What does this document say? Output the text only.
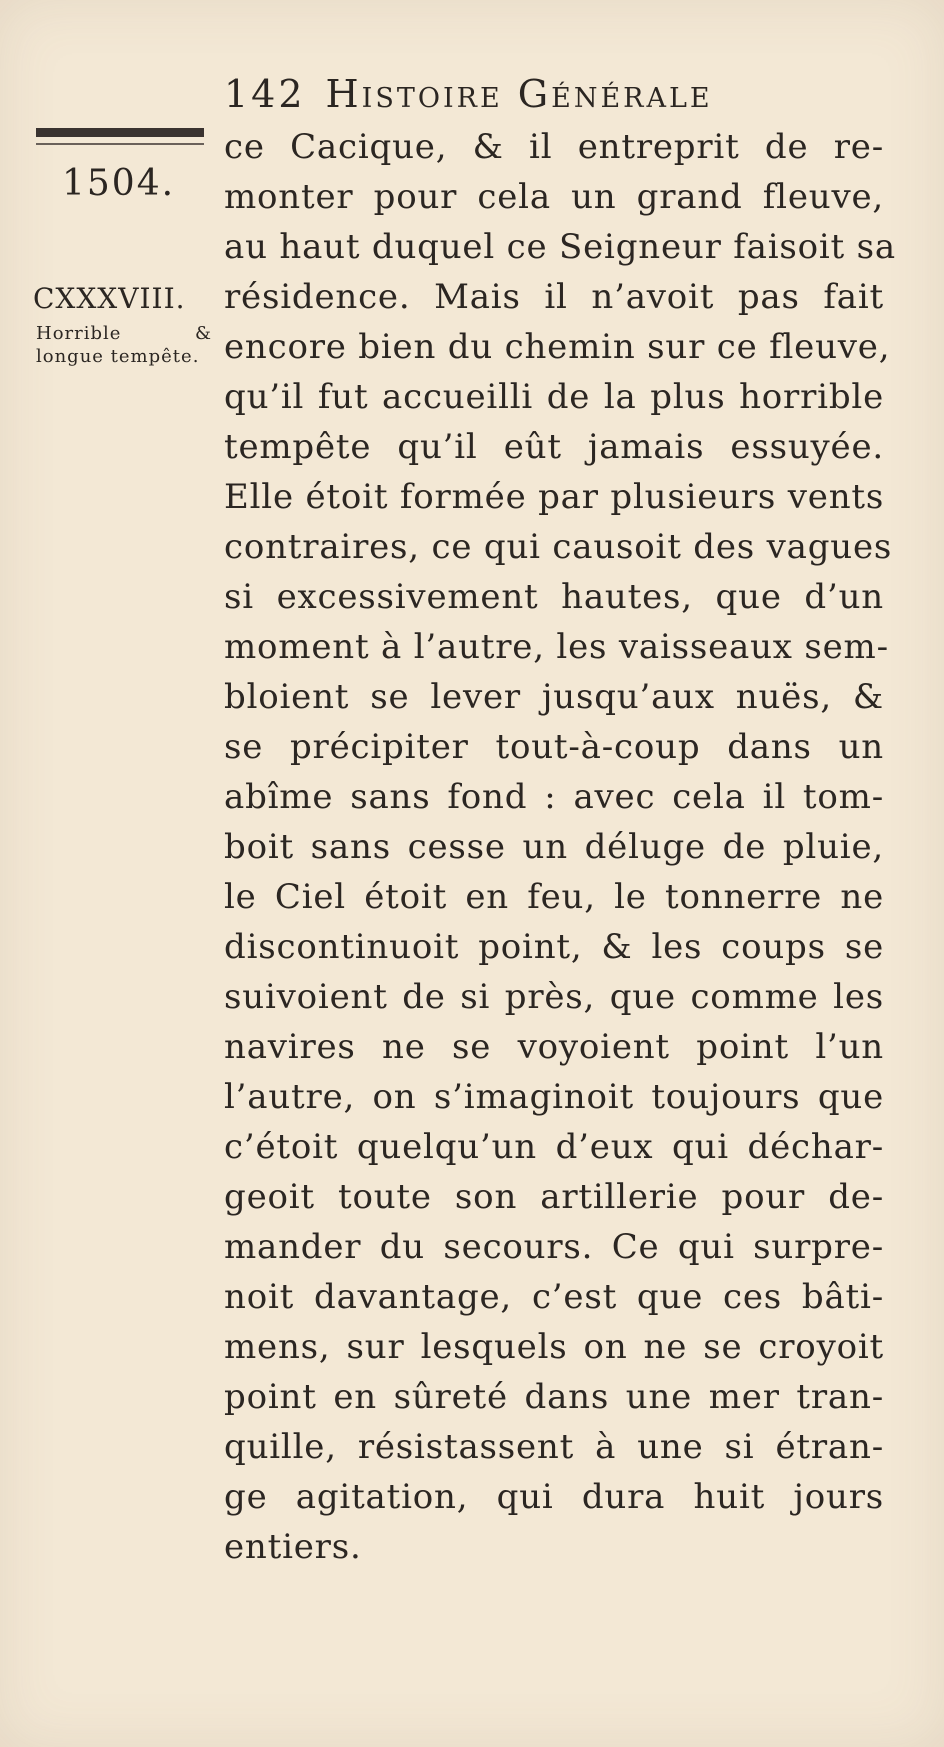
142 Histoire Générale
1504.
CXXXVIII.
Horrible & longue tempête.
ce Cacique, & il entreprit de re-
monter pour cela un grand fleuve,
au haut duquel ce Seigneur faisoit sa
résidence. Mais il n’avoit pas fait
encore bien du chemin sur ce fleuve,
qu’il fut accueilli de la plus horrible
tempête qu’il eût jamais essuyée.
Elle étoit formée par plusieurs vents
contraires, ce qui causoit des vagues
si excessivement hautes, que d’un
moment à l’autre, les vaisseaux sem-
bloient se lever jusqu’aux nuës, &
se précipiter tout-à-coup dans un
abîme sans fond : avec cela il tom-
boit sans cesse un déluge de pluie,
le Ciel étoit en feu, le tonnerre ne
discontinuoit point, & les coups se
suivoient de si près, que comme les
navires ne se voyoient point l’un
l’autre, on s’imaginoit toujours que
c’étoit quelqu’un d’eux qui déchar-
geoit toute son artillerie pour de-
mander du secours. Ce qui surpre-
noit davantage, c’est que ces bâti-
mens, sur lesquels on ne se croyoit
point en sûreté dans une mer tran-
quille, résistassent à une si étran-
ge agitation, qui dura huit jours
entiers.
